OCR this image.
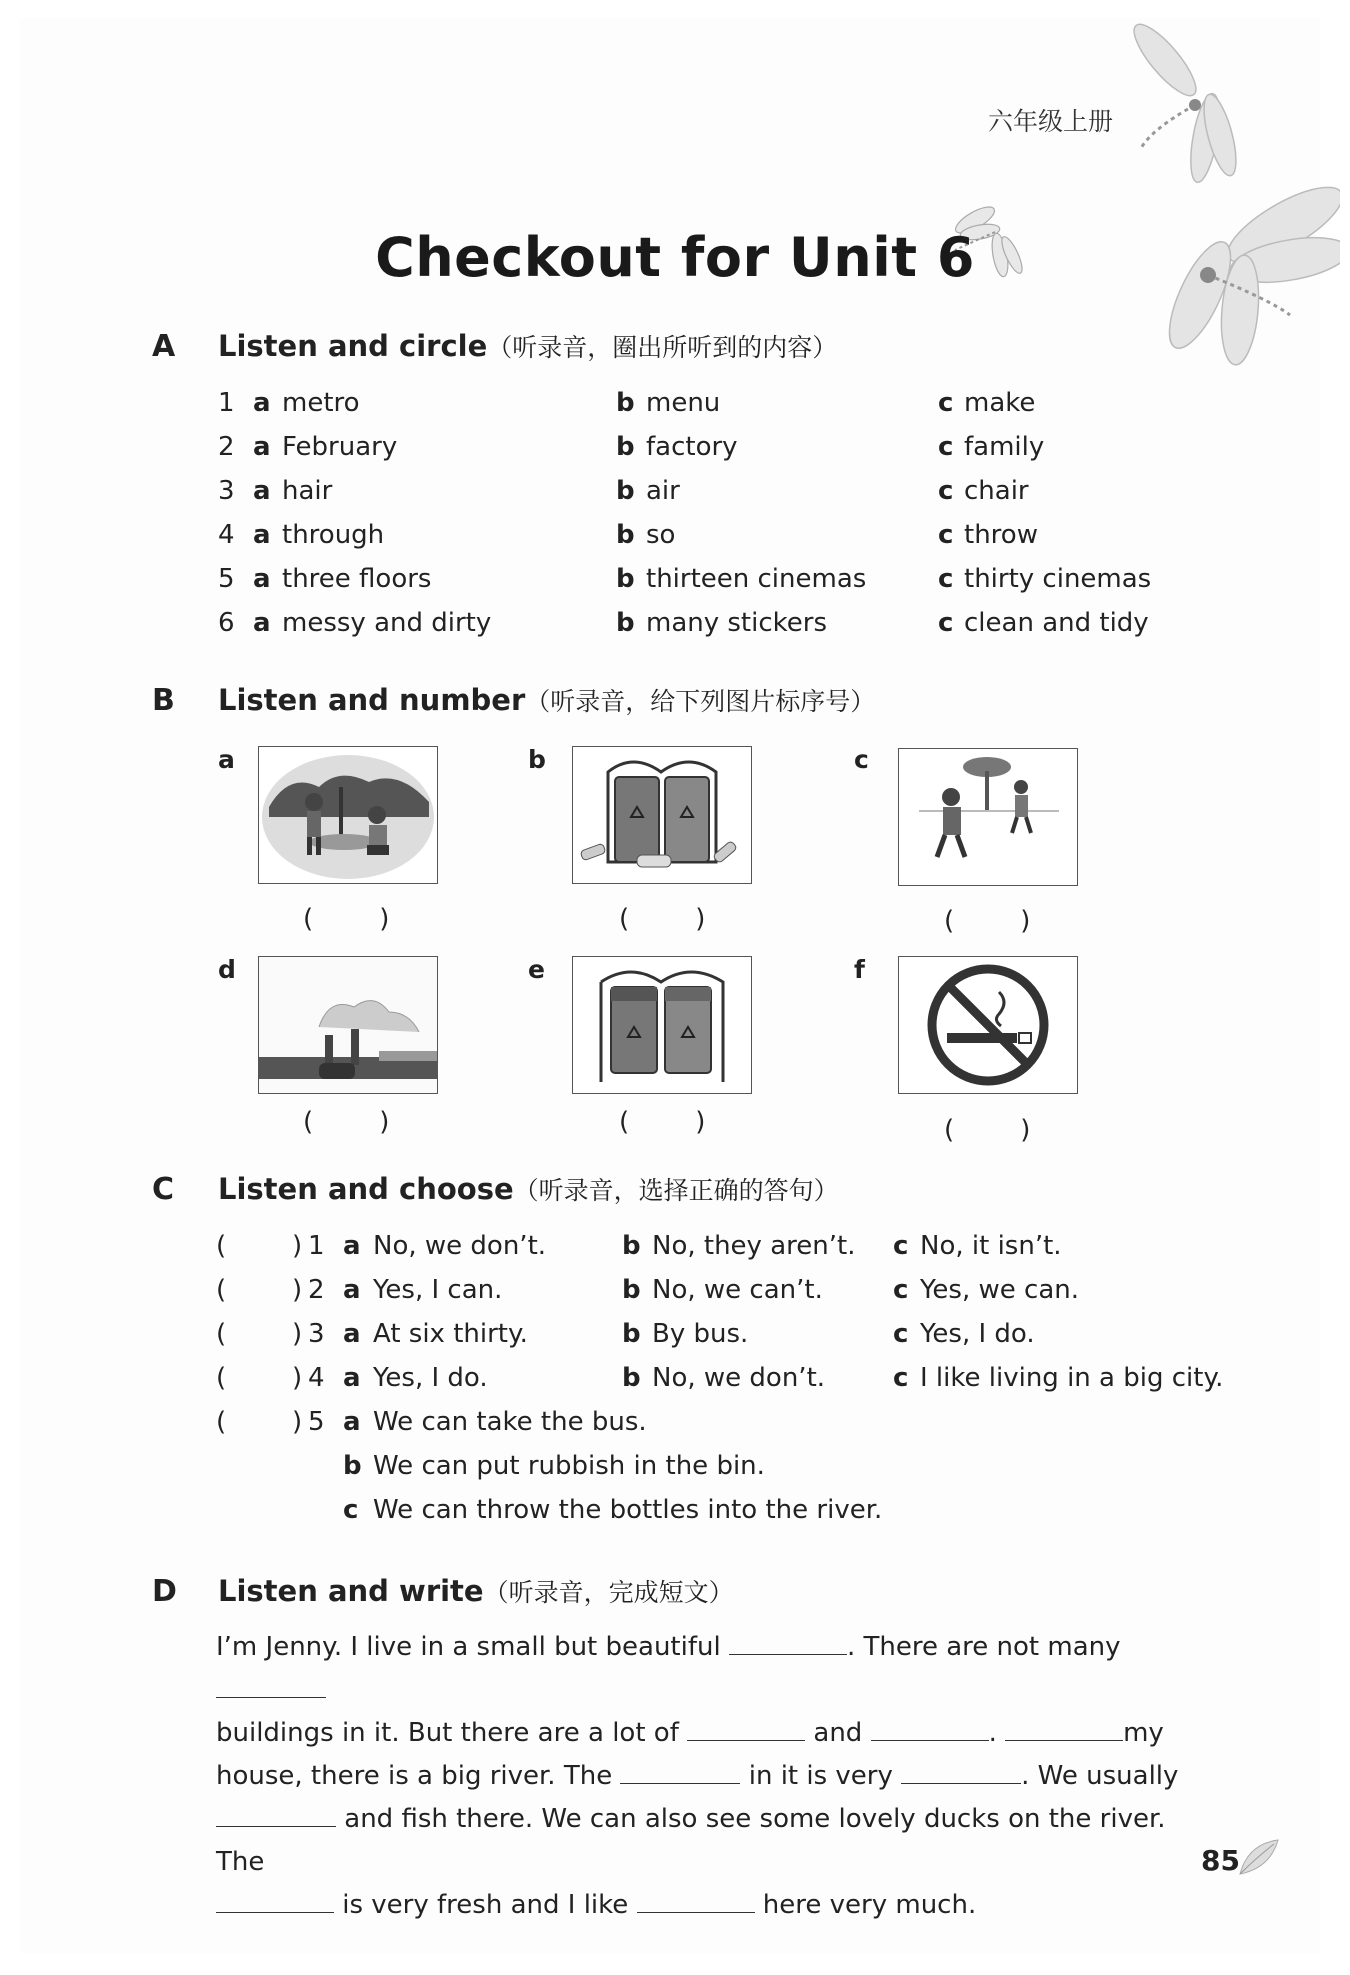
六年级上册
Checkout for Unit 6
A Listen and circle（听录音，圈出所听到的内容）
1 a metro	b menu	c make
2 a February	b factory	c family
3 a hair	b air	c chair
4 a through	b so	c throw
5 a three floors	b thirteen cinemas	c thirty cinemas
6 a messy and dirty	b many stickers	c clean and tidy
B Listen and number（听录音，给下列图片标序号）
a	b	c
d	e	f
(        )	(        )	(        )
(        )	(        )	(        )
C Listen and choose（听录音，选择正确的答句）
(	) 1 a No, we don’t.	b No, they aren’t. c No, it isn’t.
(	) 2 a Yes, I can.	b No, we can’t.	c Yes, we can.
(	) 3 a At six thirty.	b By bus.	c Yes, I do.
(	) 4 a Yes, I do.	b No, we don’t.	c I like living in a big city.
(	) 5 a We can take the bus.
b We can put rubbish in the bin.
c We can throw the bottles into the river.
D Listen and write（听录音，完成短文）
I’m Jenny. I live in a small but beautiful	. There are not many
buildings in it. But there are a lot of	and	.	my
house, there is a big river. The	in it is very	. We usually
and fish there. We can also see some lovely ducks on the river. The
is very fresh and I like	here very much.
85
